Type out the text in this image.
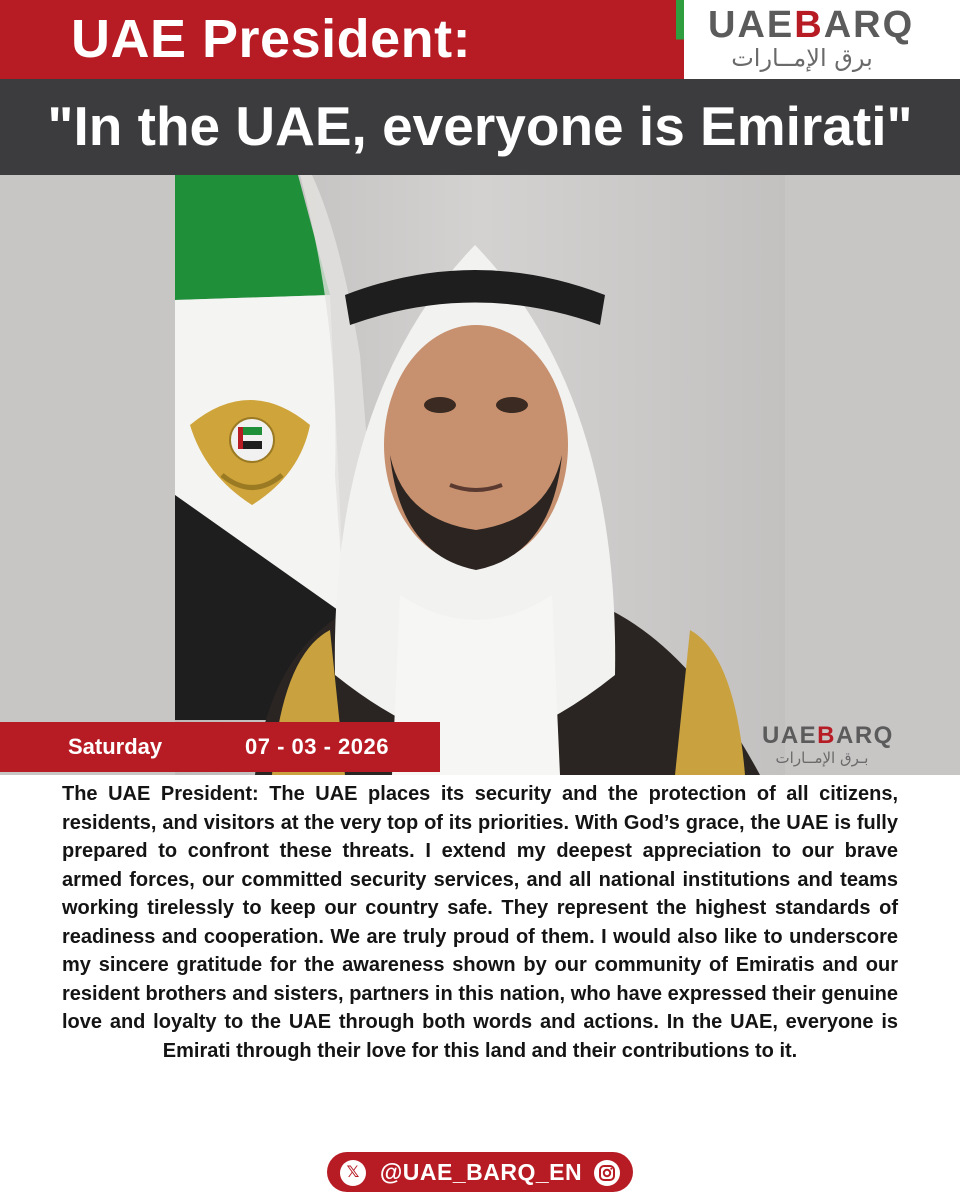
UAE President:	UAEBARQ
برق الإمــارات
"In the UAE, everyone is Emirati"
Saturday	07 - 03 - 2026	UAEBARQ
بـرق الإمــارات
The UAE President: The UAE places its security and the protection of all citizens, residents, and visitors at the very top of its priorities. With God’s grace, the UAE is fully prepared to confront these threats. I extend my deepest appreciation to our brave armed forces, our committed security services, and all national institutions and teams working tirelessly to keep our country safe. They represent the highest standards of readiness and cooperation. We are truly proud of them. I would also like to underscore my sincere gratitude for the awareness shown by our community of Emiratis and our resident brothers and sisters, partners in this nation, who have expressed their genuine love and loyalty to the UAE through both words and actions. In the UAE, everyone is Emirati through their love for this land and their contributions to it.
𝕏 @UAE_BARQ_EN
